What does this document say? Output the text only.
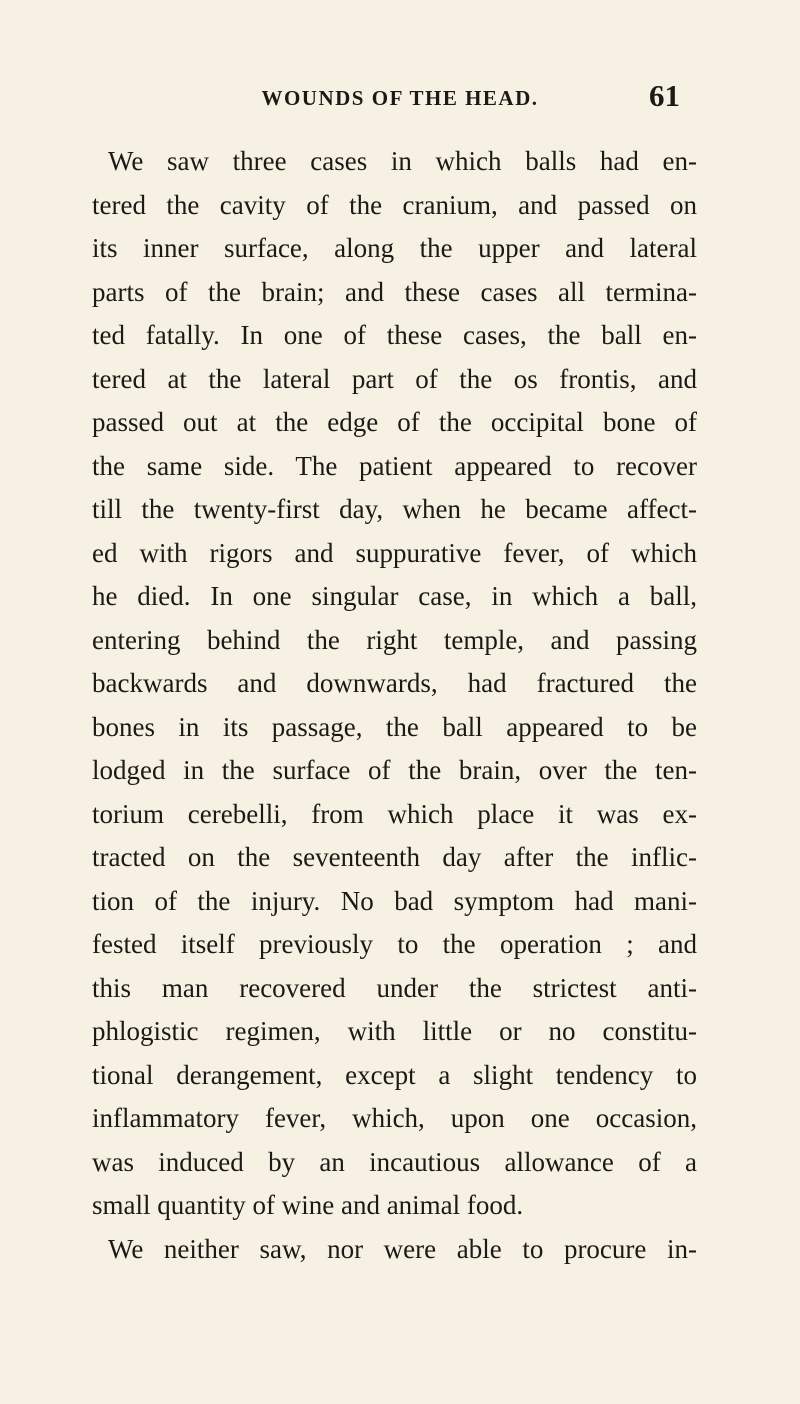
WOUNDS OF THE HEAD.	61
We saw three cases in which balls had en-
tered the cavity of the cranium, and passed on
its inner surface, along the upper and lateral
parts of the brain; and these cases all termina-
ted fatally. In one of these cases, the ball en-
tered at the lateral part of the os frontis, and
passed out at the edge of the occipital bone of
the same side. The patient appeared to recover
till the twenty-first day, when he became affect-
ed with rigors and suppurative fever, of which
he died. In one singular case, in which a ball,
entering behind the right temple, and passing
backwards and downwards, had fractured the
bones in its passage, the ball appeared to be
lodged in the surface of the brain, over the ten-
torium cerebelli, from which place it was ex-
tracted on the seventeenth day after the inflic-
tion of the injury. No bad symptom had mani-
fested itself previously to the operation ; and
this man recovered under the strictest anti-
phlogistic regimen, with little or no constitu-
tional derangement, except a slight tendency to
inflammatory fever, which, upon one occasion,
was induced by an incautious allowance of a
small quantity of wine and animal food.
We neither saw, nor were able to procure in-
